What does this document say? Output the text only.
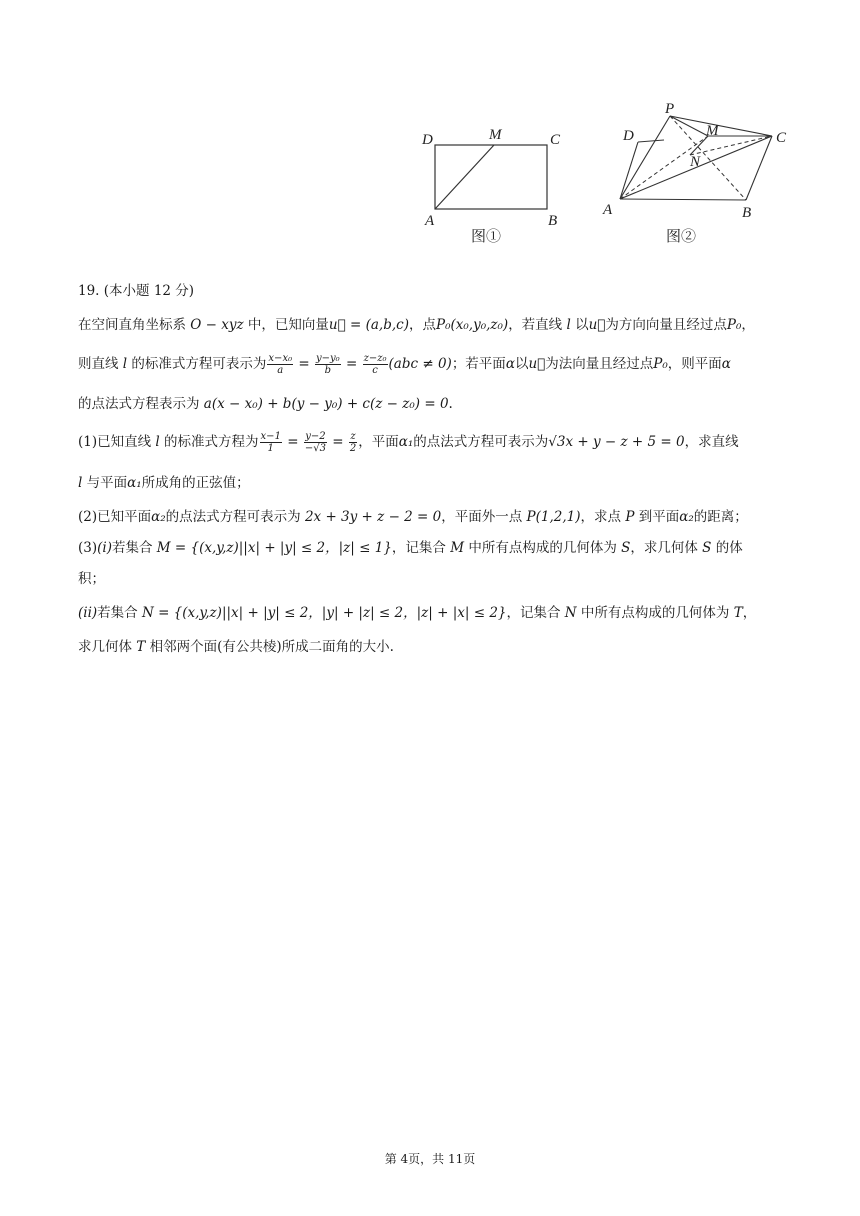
D	M	C
A	B
图①
P
D	M	C
N
A	B
图②
19. (本小题 12 分)
在空间直角坐标系 O − xyz 中，已知向量u⃗ = (a,b,c)，点P₀(x₀,y₀,z₀)，若直线 l 以u⃗为方向向量且经过点P₀，
则直线 l 的标准式方程可表示为 $\frac{\text{x−x₀}}{a} = \frac{\text{y−y₀}}{b} = \frac{\text{z−z₀}}{c} (abc \ne 0)$；若平面α以u⃗为法向量且经过点P₀，则平面α
的点法式方程表示为 a(x − x₀) + b(y − y₀) + c(z − z₀) = 0.
(1)已知直线 l 的标准式方程为 $\frac{x-1}{1} = \frac{y-2}{-√3} = \frac{z}{2}$ ，平面α₁的点法式方程可表示为√3x + y − z + 5 = 0，求直线
l 与平面α₁所成角的正弦值；
(2)已知平面α₂的点法式方程可表示为 2x + 3y + z − 2 = 0，平面外一点 P(1,2,1)，求点 P 到平面α₂的距离；
(3)(i)若集合 M = {(x,y,z)||x| + |y| ≤ 2，|z| ≤ 1}，记集合 M 中所有点构成的几何体为 S，求几何体 S 的体
积；
(ii)若集合 N = {(x,y,z)||x| + |y| ≤ 2，|y| + |z| ≤ 2，|z| + |x| ≤ 2}，记集合 N 中所有点构成的几何体为 T，
求几何体 T 相邻两个面(有公共棱)所成二面角的大小.
第 4页，共 11页
